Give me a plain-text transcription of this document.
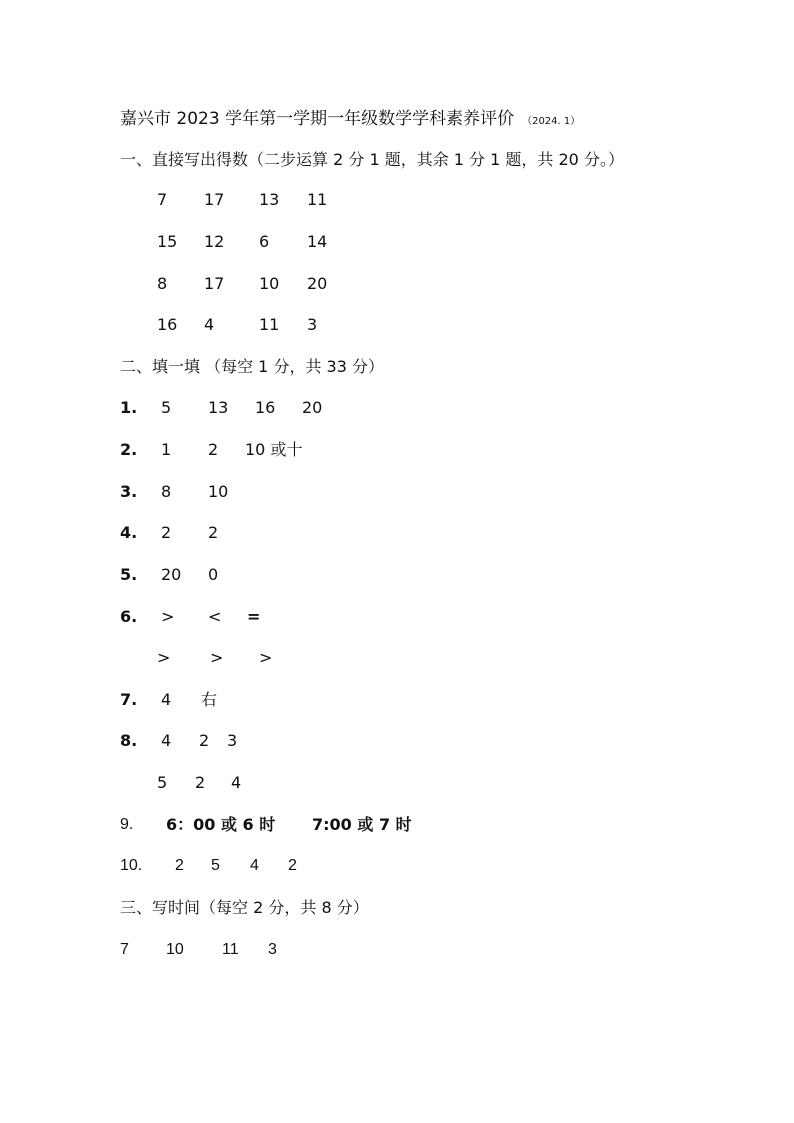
嘉兴市 2023 学年第一学期一年级数学学科素养评价 （2024. 1）
一、直接写出得数（二步运算 2 分 1 题，其余 1 分 1 题，共 20 分。）
7 17 13 11
15 12 6 14
8 17 10 20
16 4	11 3
二、填一填 （每空 1 分，共 33 分）
1. 5 13 16 20
2. 1 2 10 或十
3. 8 10
4. 2 2
5. 20 0
6. > < =
> > >
7. 4 右
8. 4 2 3
5 2 4
9. 6：00 或 6 时 7:00 或 7 时
10. 2 5 4 2
三、写时间（每空 2 分，共 8 分）
7 10 11 3
